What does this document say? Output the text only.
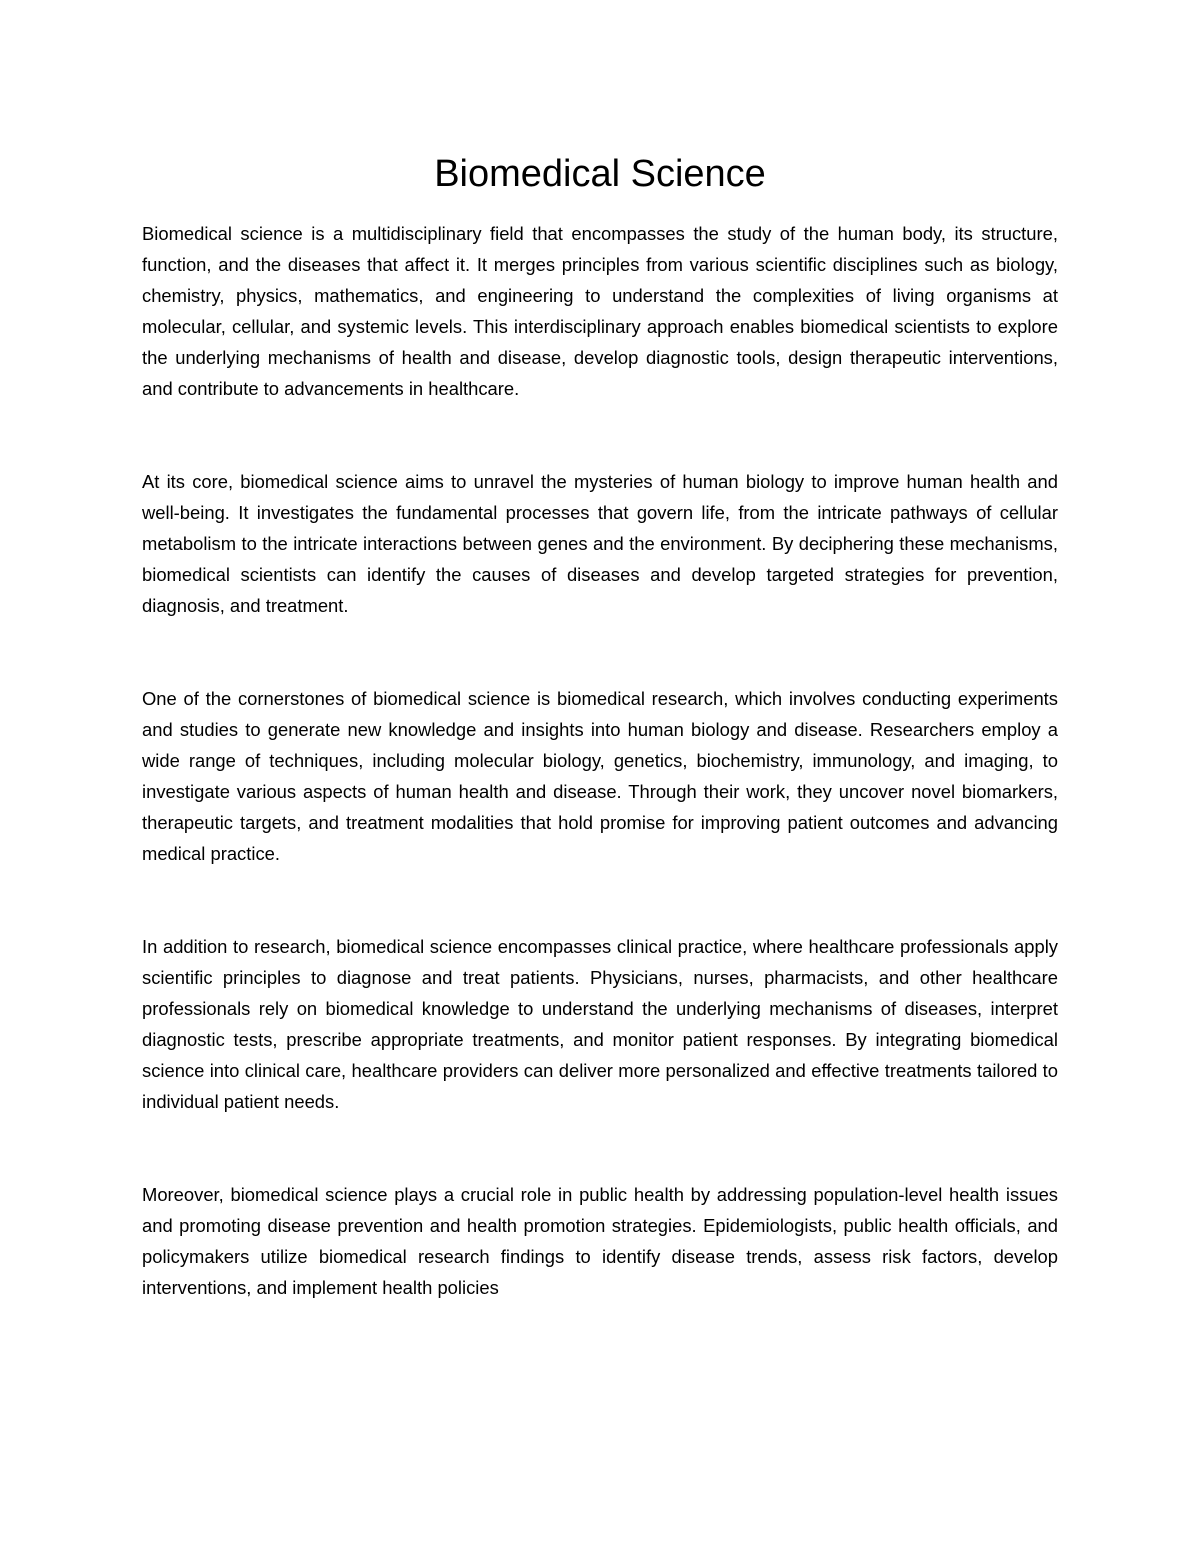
Biomedical Science

Biomedical science is a multidisciplinary field that encompasses the study of the human body, its structure, function, and the diseases that affect it. It merges principles from various scientific disciplines such as biology, chemistry, physics, mathematics, and engineering to understand the complexities of living organisms at molecular, cellular, and systemic levels. This interdisciplinary approach enables biomedical scientists to explore the underlying mechanisms of health and disease, develop diagnostic tools, design therapeutic interventions, and contribute to advancements in healthcare.

At its core, biomedical science aims to unravel the mysteries of human biology to improve human health and well-being. It investigates the fundamental processes that govern life, from the intricate pathways of cellular metabolism to the intricate interactions between genes and the environment. By deciphering these mechanisms, biomedical scientists can identify the causes of diseases and develop targeted strategies for prevention, diagnosis, and treatment.

One of the cornerstones of biomedical science is biomedical research, which involves conducting experiments and studies to generate new knowledge and insights into human biology and disease. Researchers employ a wide range of techniques, including molecular biology, genetics, biochemistry, immunology, and imaging, to investigate various aspects of human health and disease. Through their work, they uncover novel biomarkers, therapeutic targets, and treatment modalities that hold promise for improving patient outcomes and advancing medical practice.

In addition to research, biomedical science encompasses clinical practice, where healthcare professionals apply scientific principles to diagnose and treat patients. Physicians, nurses, pharmacists, and other healthcare professionals rely on biomedical knowledge to understand the underlying mechanisms of diseases, interpret diagnostic tests, prescribe appropriate treatments, and monitor patient responses. By integrating biomedical science into clinical care, healthcare providers can deliver more personalized and effective treatments tailored to individual patient needs.

Moreover, biomedical science plays a crucial role in public health by addressing population-level health issues and promoting disease prevention and health promotion strategies. Epidemiologists, public health officials, and policymakers utilize biomedical research findings to identify disease trends, assess risk factors, develop interventions, and implement health policies
